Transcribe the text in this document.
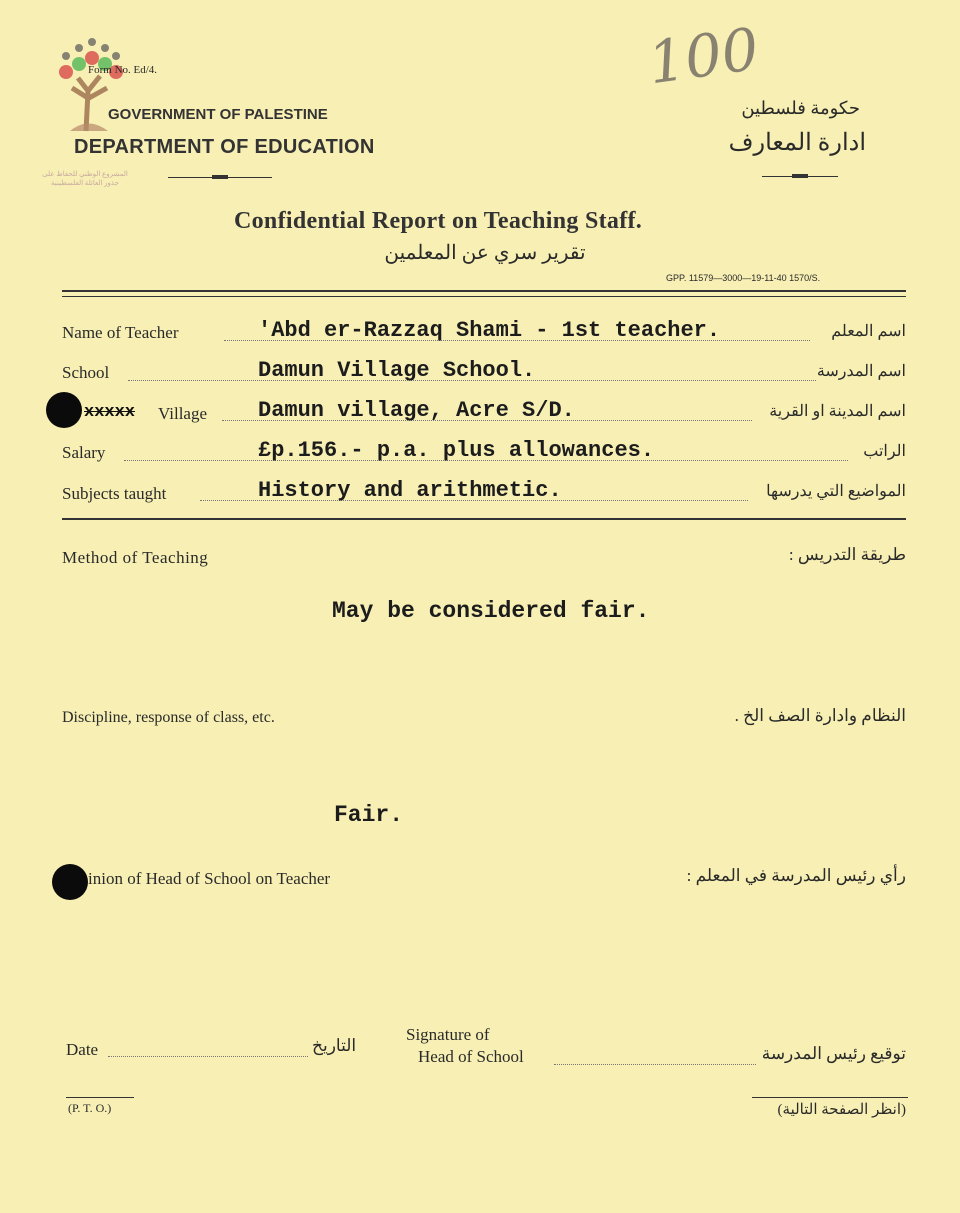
المشروع الوطني للحفاظ على
جذور العائلة الفلسطينية
Form No. Ed/4.
GOVERNMENT OF PALESTINE
DEPARTMENT OF EDUCATION
100
حكومة فلسطين
ادارة المعارف
Confidential Report on Teaching Staff.
تقرير سري عن المعلمين
GPP. 11579—3000—19-11-40 1570/S.
Name of Teacher	'Abd er-Razzaq Shami - 1st teacher.	اسم المعلم
School	Damun Village School.	اسم المدرسة
xxxxx Village Damun village, Acre S/D.	اسم المدينة او القرية
Salary	£p.156.- p.a. plus allowances.	الراتب
Subjects taught	History and arithmetic.	المواضيع التي يدرسها
Method of Teaching	طريقة التدريس :
May be considered fair.
Discipline, response of class, etc.	النظام وادارة الصف الخ .
Fair.
inion of Head of School on Teacher	رأي رئيس المدرسة في المعلم :
Date	التاريخ
Signature of
Head of School	توقيع رئيس المدرسة
(P. T. O.)	(انظر الصفحة التالية)
